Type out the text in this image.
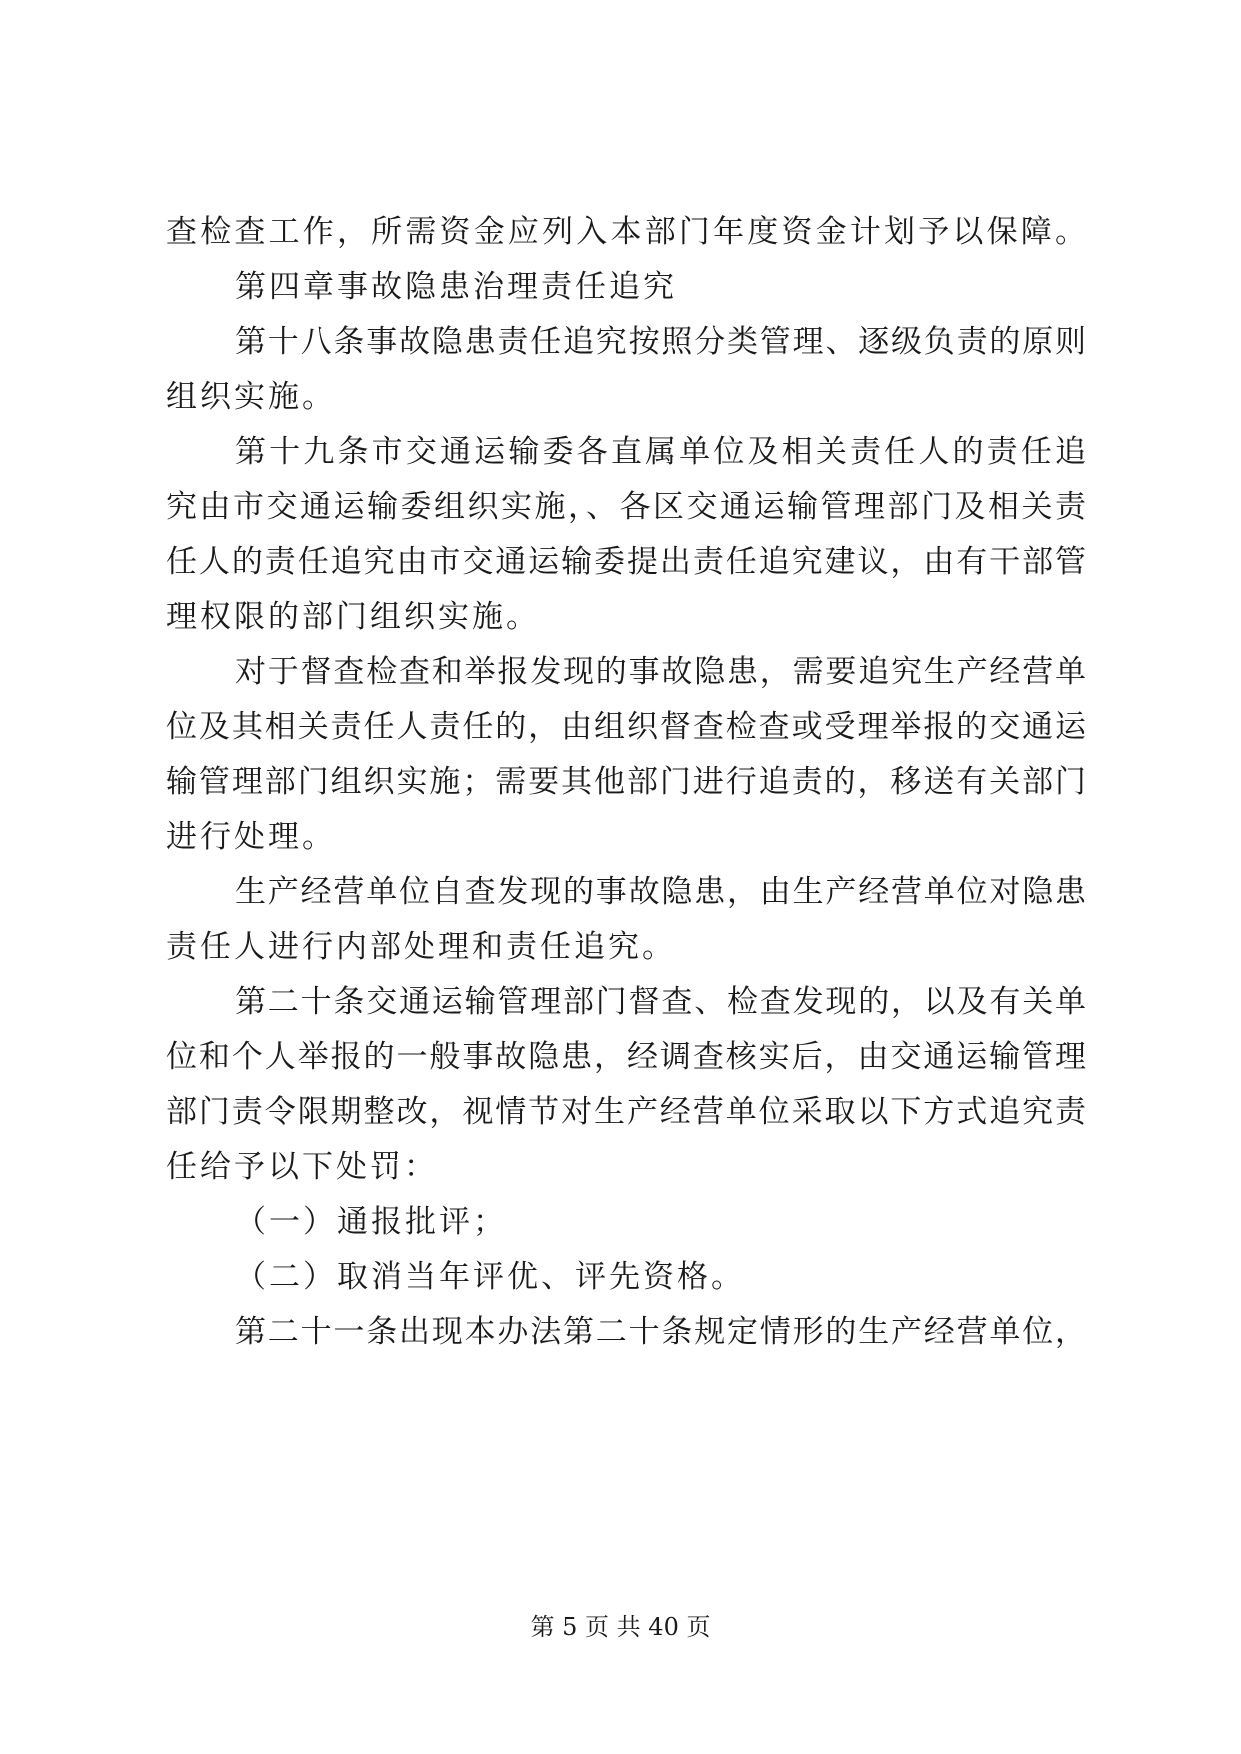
查检查工作，所需资金应列入本部门年度资金计划予以保障。
第四章事故隐患治理责任追究
第十八条事故隐患责任追究按照分类管理、逐级负责的原则
组织实施。
第十九条市交通运输委各直属单位及相关责任人的责任追
究由市交通运输委组织实施，、各区交通运输管理部门及相关责
任人的责任追究由市交通运输委提出责任追究建议，由有干部管
理权限的部门组织实施。
对于督查检查和举报发现的事故隐患，需要追究生产经营单
位及其相关责任人责任的，由组织督查检查或受理举报的交通运
输管理部门组织实施；需要其他部门进行追责的，移送有关部门
进行处理。
生产经营单位自查发现的事故隐患，由生产经营单位对隐患
责任人进行内部处理和责任追究。
第二十条交通运输管理部门督查、检查发现的，以及有关单
位和个人举报的一般事故隐患，经调查核实后，由交通运输管理
部门责令限期整改，视情节对生产经营单位采取以下方式追究责
任给予以下处罚：
（一）通报批评；
（二）取消当年评优、评先资格。
第二十一条出现本办法第二十条规定情形的生产经营单位，
第 5 页 共 40 页
